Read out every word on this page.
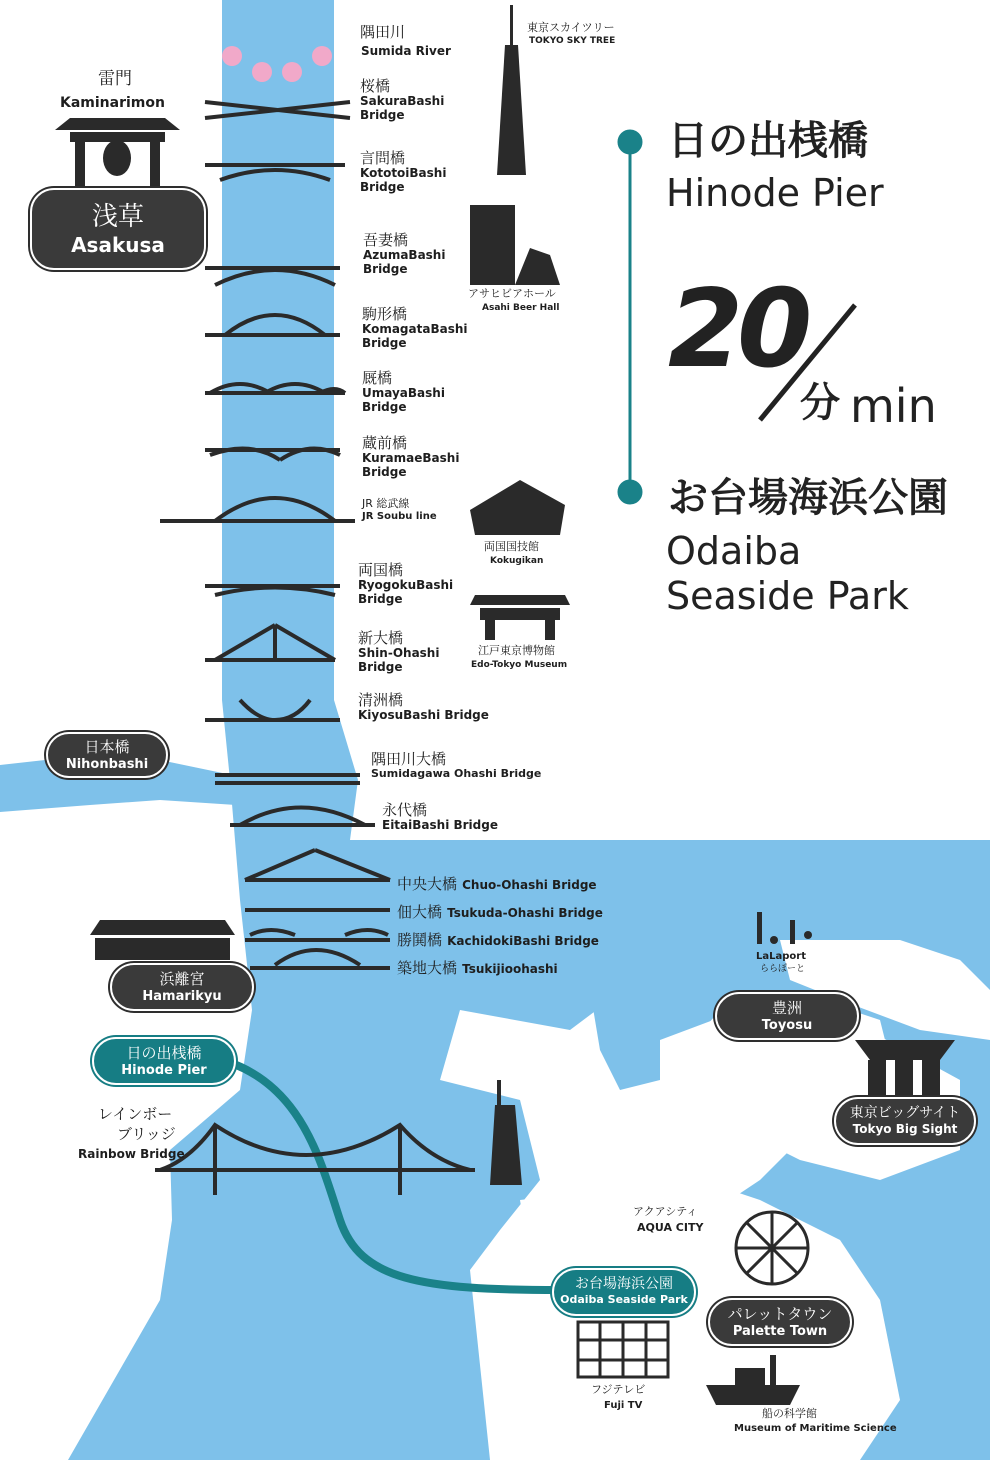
隅田川
Sumida River
東京スカイツリー
TOKYO SKY TREE
雷門
Kaminarimon
浅草
Asakusa
桜橋
SakuraBashi
Bridge
言問橋
KototoiBashi
Bridge
吾妻橋
AzumaBashi
Bridge
駒形橋
KomagataBashi
Bridge
厩橋
UmayaBashi
Bridge
蔵前橋
KuramaeBashi
Bridge
JR 総武線
JR Soubu line
両国橋
RyogokuBashi
Bridge
新大橋
Shin-Ohashi
Bridge
清洲橋
KiyosuBashi Bridge
隅田川大橋
Sumidagawa Ohashi Bridge
永代橋
EitaiBashi Bridge
中央大橋 Chuo-Ohashi Bridge
佃大橋 Tsukuda-Ohashi Bridge
勝鬨橋 KachidokiBashi Bridge
築地大橋 Tsukijioohashi
アサヒビアホール
Asahi Beer Hall
両国国技館
Kokugikan
江戸東京博物館
Edo-Tokyo Museum
日本橋
Nihonbashi
浜離宮
Hamarikyu
LaLaport
ららぽーと
豊洲
Toyosu
東京ビッグサイト
Tokyo Big Sight
日の出桟橋
Hinode Pier
レインボー
ブリッジ
Rainbow Bridge
アクアシティ
AQUA CITY
お台場海浜公園
Odaiba Seaside Park
パレットタウン
Palette Town
フジテレビ
Fuji TV
船の科学館
Museum of Maritime Science
日の出桟橋
Hinode Pier
20
分 min
お台場海浜公園
Odaiba
Seaside Park
